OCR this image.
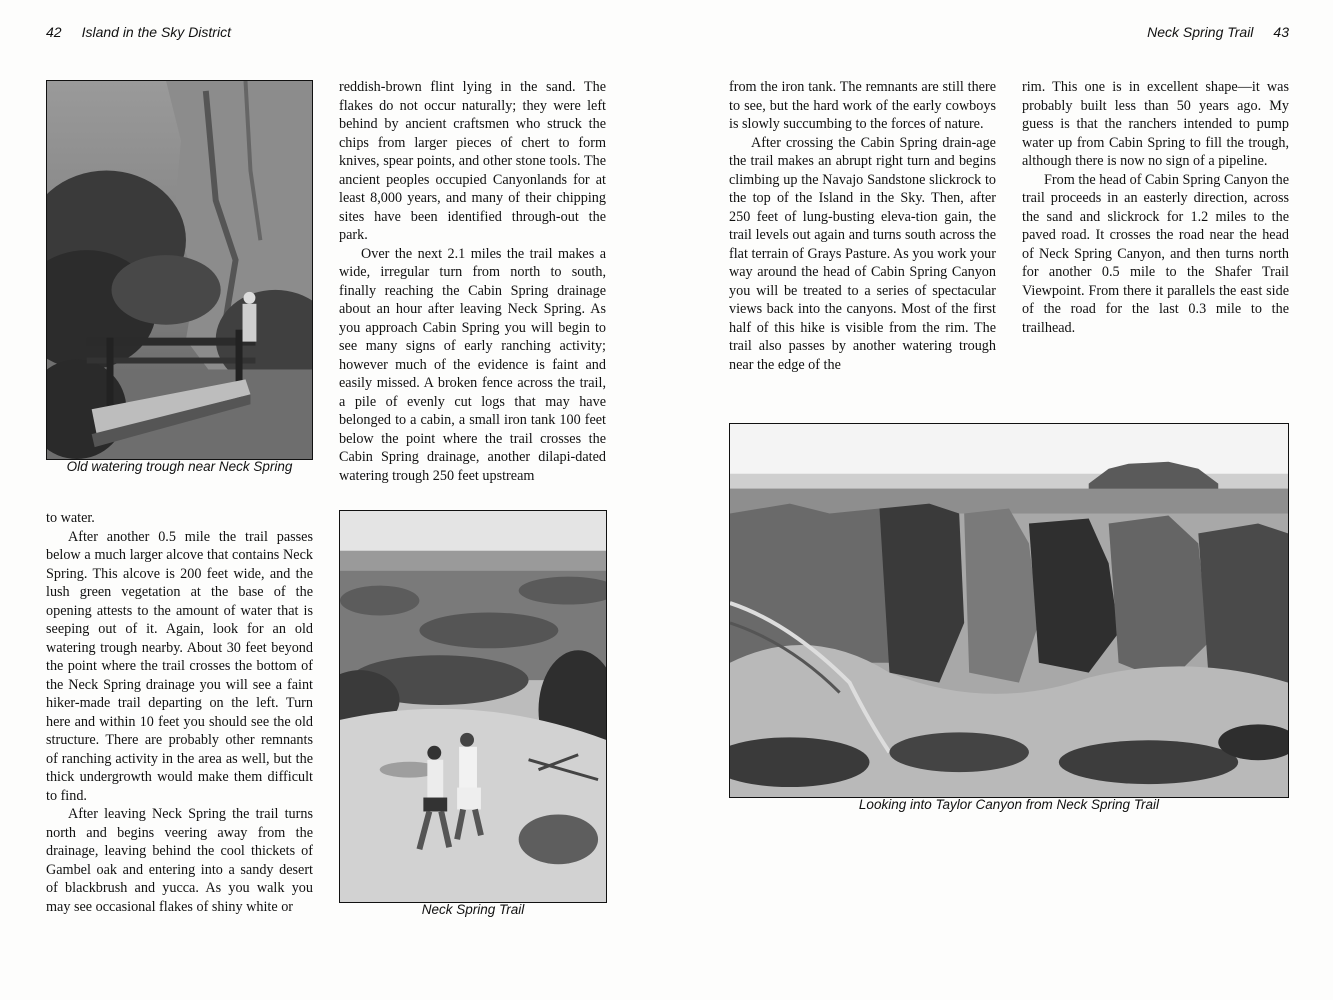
42 Island in the Sky District	Neck Spring Trail 43
Old watering trough near Neck Spring

reddish-brown flint lying in the sand. The flakes do not occur naturally; they were left behind by ancient craftsmen who struck the chips from larger pieces of chert to form knives, spear points, and other stone tools. The ancient peoples occupied Canyonlands for at least 8,000 years, and many of their chipping sites have been identified through-out the park.

Over the next 2.1 miles the trail makes a wide, irregular turn from north to south, finally reaching the Cabin Spring drainage about an hour after leaving Neck Spring. As you approach Cabin Spring you will begin to see many signs of early ranching activity; however much of the evidence is faint and easily missed. A broken fence across the trail, a pile of evenly cut logs that may have belonged to a cabin, a small iron tank 100 feet below the point where the trail crosses the Cabin Spring drainage, another dilapi-dated watering trough 250 feet upstream

to water.

After another 0.5 mile the trail passes below a much larger alcove that contains Neck Spring. This alcove is 200 feet wide, and the lush green vegetation at the base of the opening attests to the amount of water that is seeping out of it. Again, look for an old watering trough nearby. About 30 feet beyond the point where the trail crosses the bottom of the Neck Spring drainage you will see a faint hiker-made trail departing on the left. Turn here and within 10 feet you should see the old structure. There are probably other remnants of ranching activity in the area as well, but the thick undergrowth would make them difficult to find.

After leaving Neck Spring the trail turns north and begins veering away from the drainage, leaving behind the cool thickets of Gambel oak and entering into a sandy desert of blackbrush and yucca. As you walk you may see occasional flakes of shiny white or	Neck Spring Trail

from the iron tank. The remnants are still there to see, but the hard work of the early cowboys is slowly succumbing to the forces of nature.

After crossing the Cabin Spring drain-age the trail makes an abrupt right turn and begins climbing up the Navajo Sandstone slickrock to the top of the Island in the Sky. Then, after 250 feet of lung-busting eleva-tion gain, the trail levels out again and turns south across the flat terrain of Grays Pasture. As you work your way around the head of Cabin Spring Canyon you will be treated to a series of spectacular views back into the canyons. Most of the first half of this hike is visible from the rim. The trail also passes by another watering trough near the edge of the

rim. This one is in excellent shape—it was probably built less than 50 years ago. My guess is that the ranchers intended to pump water up from Cabin Spring to fill the trough, although there is now no sign of a pipeline.

From the head of Cabin Spring Canyon the trail proceeds in an easterly direction, across the sand and slickrock for 1.2 miles to the paved road. It crosses the road near the head of Neck Spring Canyon, and then turns north for another 0.5 mile to the Shafer Trail Viewpoint. From there it parallels the east side of the road for the last 0.3 mile to the trailhead.

Looking into Taylor Canyon from Neck Spring Trail
